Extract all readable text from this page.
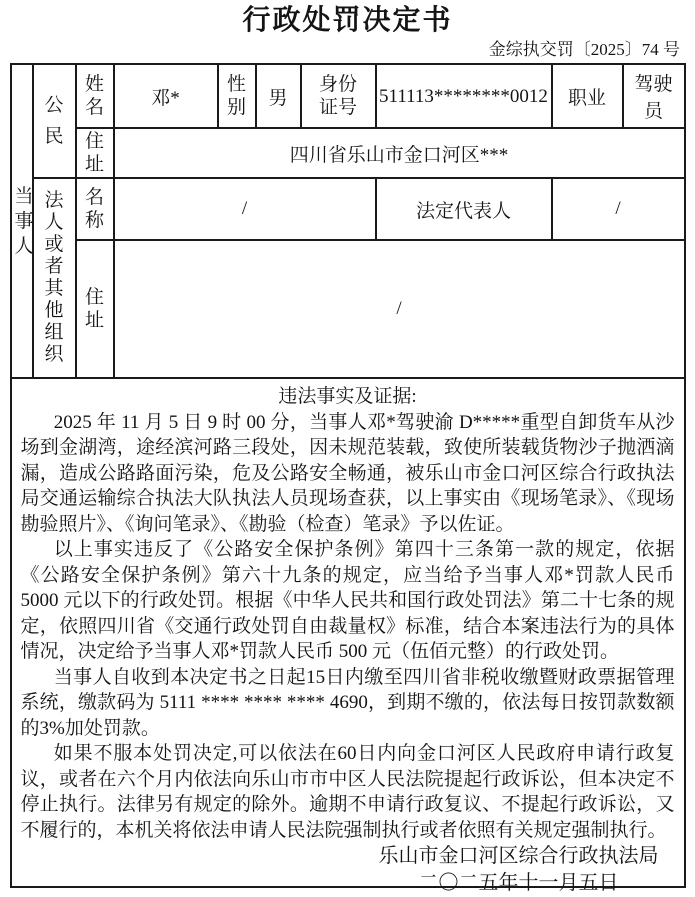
行政处罚决定书
金综执交罚〔2025〕74 号
当事人	公民	姓名	邓*	性别	男	身份证号	511113********0012	职业	驾驶员
		住址	四川省乐山市金口河区***						
	法人或者其他组织	名称	/				法定代表人	/	
		住址	/						

违法事实及证据:

2025 年 11 月 5 日 9 时 00 分，当事人邓*驾驶渝 D*****重型自卸货车从沙场到金湖湾，途经滨河路三段处，因未规范装载，致使所装载货物沙子抛洒滴漏，造成公路路面污染，危及公路安全畅通，被乐山市金口河区综合行政执法局交通运输综合执法大队执法人员现场查获，以上事实由《现场笔录》、《现场勘验照片》、《询问笔录》、《勘验（检查）笔录》予以佐证。

以上事实违反了《公路安全保护条例》第四十三条第一款的规定，依据《公路安全保护条例》第六十九条的规定，应当给予当事人邓*罚款人民币 5000 元以下的行政处罚。根据《中华人民共和国行政处罚法》第二十七条的规定，依照四川省《交通行政处罚自由裁量权》标准，结合本案违法行为的具体情况，决定给予当事人邓*罚款人民币 500 元（伍佰元整）的行政处罚。

当事人自收到本决定书之日起15日内缴至四川省非税收缴暨财政票据管理系统，缴款码为 5111 **** **** **** 4690，到期不缴的，依法每日按罚款数额的3%加处罚款。

如果不服本处罚决定,可以依法在60日内向金口河区人民政府申请行政复议，或者在六个月内依法向乐山市市中区人民法院提起行政诉讼，但本决定不停止执行。法律另有规定的除外。逾期不申请行政复议、不提起行政诉讼，又不履行的，本机关将依法申请人民法院强制执行或者依照有关规定强制执行。

乐山市金口河区综合行政执法局
二〇二五年十一月五日
